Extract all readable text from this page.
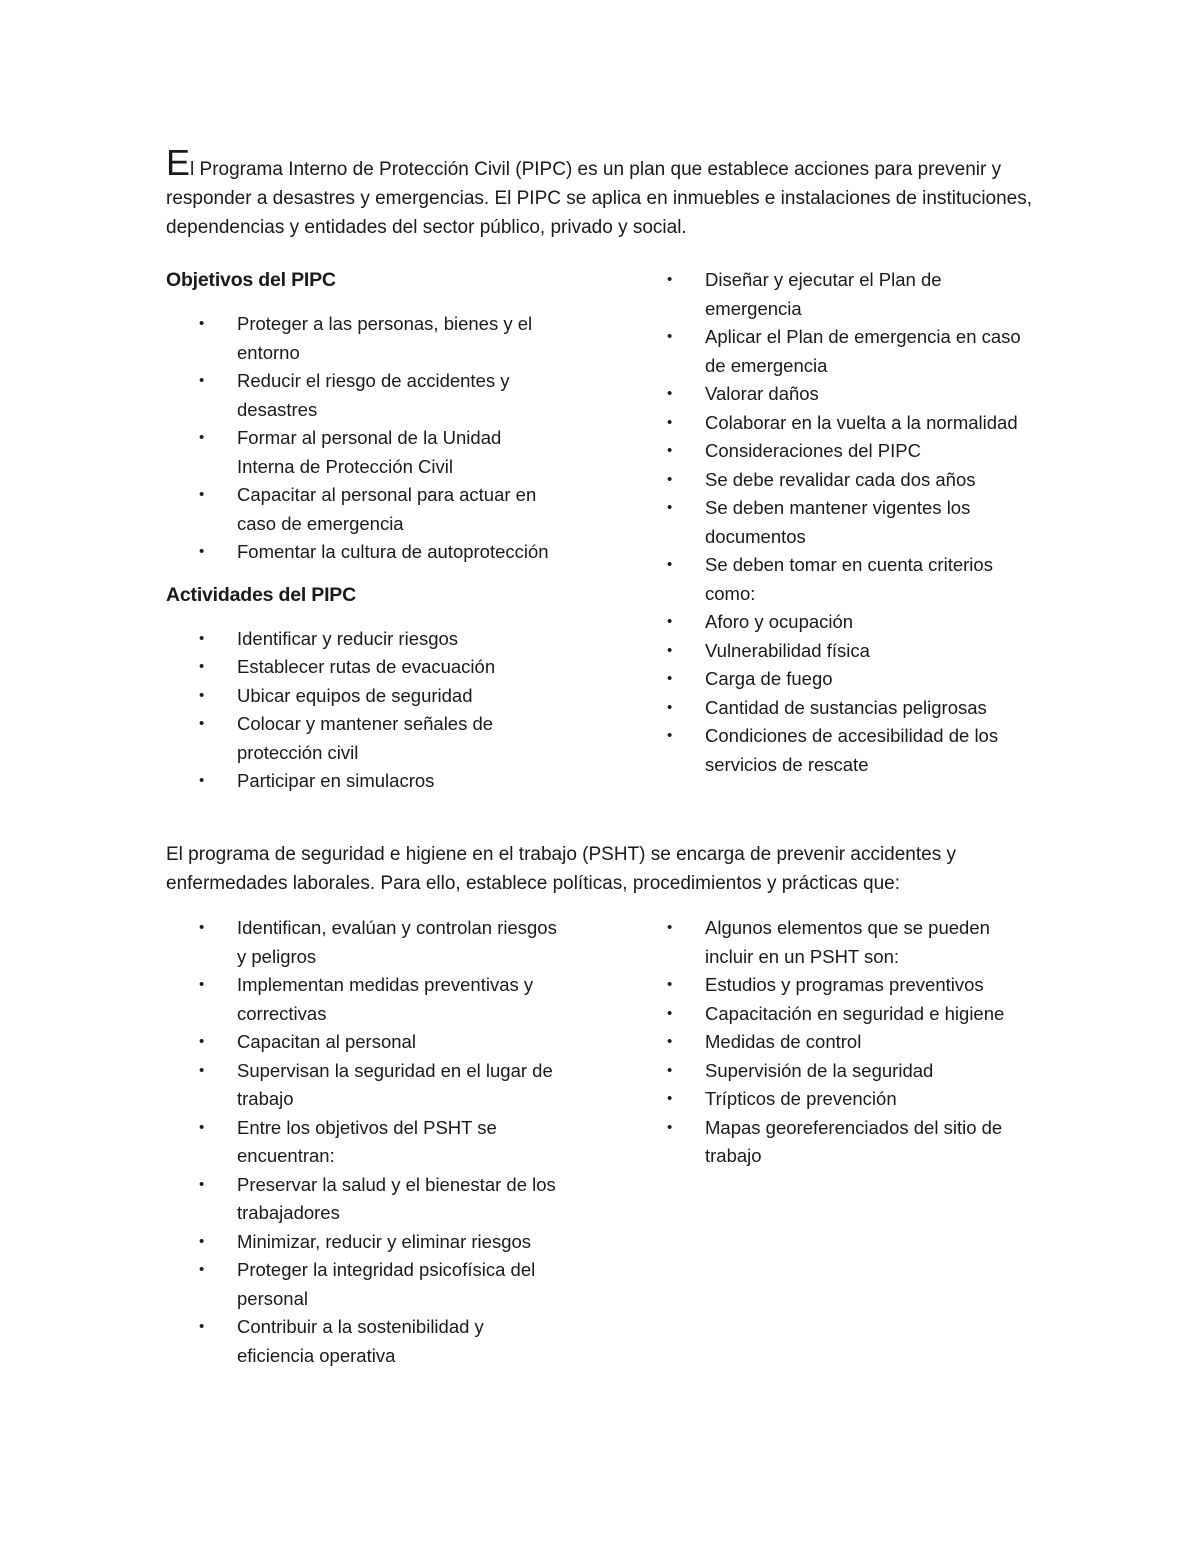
El Programa Interno de Protección Civil (PIPC) es un plan que establece acciones para prevenir y responder a desastres y emergencias. El PIPC se aplica en inmuebles e instalaciones de instituciones, dependencias y entidades del sector público, privado y social.

Objetivos del PIPC
• Proteger a las personas, bienes y el entorno
• Reducir el riesgo de accidentes y desastres
• Formar al personal de la Unidad Interna de Protección Civil
• Capacitar al personal para actuar en caso de emergencia
• Fomentar la cultura de autoprotección
Actividades del PIPC
• Identificar y reducir riesgos
• Establecer rutas de evacuación
• Ubicar equipos de seguridad
• Colocar y mantener señales de protección civil
• Participar en simulacros
• Diseñar y ejecutar el Plan de emergencia
• Aplicar el Plan de emergencia en caso de emergencia
• Valorar daños
• Colaborar en la vuelta a la normalidad
• Consideraciones del PIPC
• Se debe revalidar cada dos años
• Se deben mantener vigentes los documentos
• Se deben tomar en cuenta criterios como:
• Aforo y ocupación
• Vulnerabilidad física
• Carga de fuego
• Cantidad de sustancias peligrosas
• Condiciones de accesibilidad de los servicios de rescate

El programa de seguridad e higiene en el trabajo (PSHT) se encarga de prevenir accidentes y enfermedades laborales. Para ello, establece políticas, procedimientos y prácticas que:

• Identifican, evalúan y controlan riesgos y peligros
• Implementan medidas preventivas y correctivas
• Capacitan al personal
• Supervisan la seguridad en el lugar de trabajo
• Entre los objetivos del PSHT se encuentran:
• Preservar la salud y el bienestar de los trabajadores
• Minimizar, reducir y eliminar riesgos
• Proteger la integridad psicofísica del personal
• Contribuir a la sostenibilidad y eficiencia operativa
• Algunos elementos que se pueden incluir en un PSHT son:
• Estudios y programas preventivos
• Capacitación en seguridad e higiene
• Medidas de control
• Supervisión de la seguridad
• Trípticos de prevención
• Mapas georeferenciados del sitio de trabajo
